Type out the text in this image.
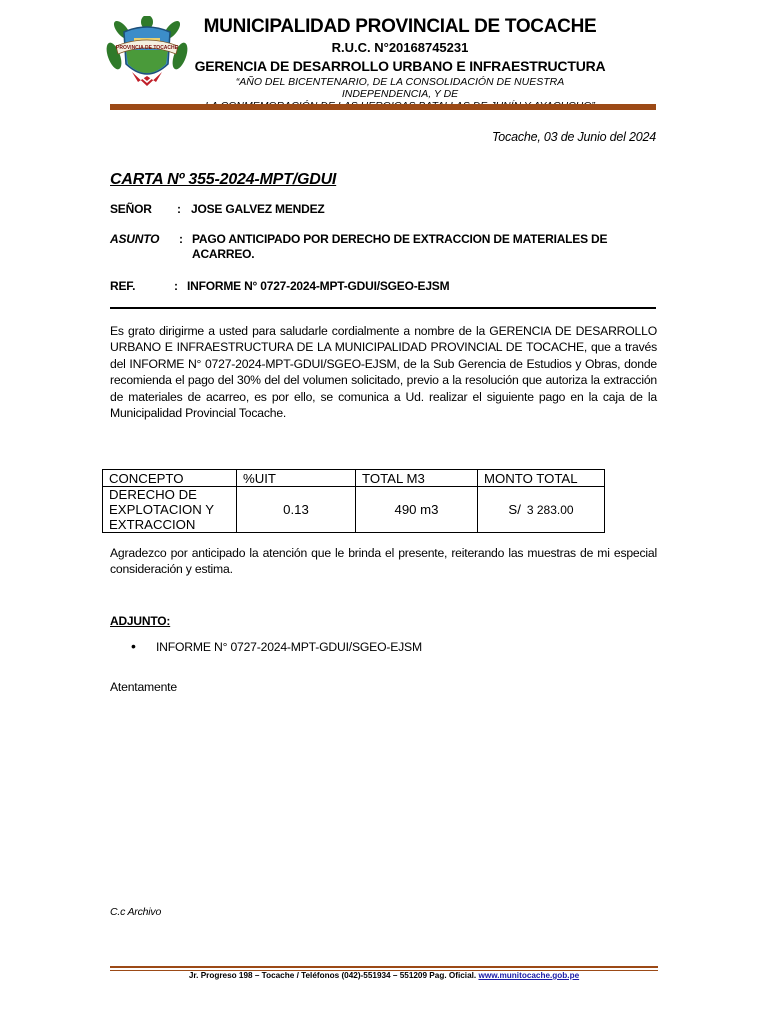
PROVINCIA DE TOCACHE
MUNICIPALIDAD PROVINCIAL DE TOCACHE
R.U.C. N°20168745231
GERENCIA DE DESARROLLO URBANO E INFRAESTRUCTURA
“AÑO DEL BICENTENARIO, DE LA CONSOLIDACIÓN DE NUESTRA INDEPENDENCIA, Y DE
Tocache, 03 de Junio del 2024
CARTA Nº 355-2024-MPT/GDUI
SEÑOR : JOSE GALVEZ MENDEZ
ASUNTO : PAGO ANTICIPADO POR DERECHO DE EXTRACCION DE MATERIALES DE ACARREO.
REF.	: INFORME N° 0727-2024-MPT-GDUI/SGEO-EJSM
Es grato dirigirme a usted para saludarle cordialmente a nombre de la GERENCIA DE DESARROLLO URBANO E INFRAESTRUCTURA DE LA MUNICIPALIDAD PROVINCIAL DE TOCACHE, que a través del INFORME N° 0727-2024-MPT-GDUI/SGEO-EJSM, de la Sub Gerencia de Estudios y Obras, donde recomienda el pago del 30% del del volumen solicitado, previo a la resolución que autoriza la extracción de materiales de acarreo, es por ello, se comunica a Ud. realizar el siguiente pago en la caja de la Municipalidad Provincial Tocache.
CONCEPTO	%UIT	TOTAL M3	MONTO TOTAL
DERECHO DE EXPLOTACION Y EXTRACCION	0.13	490 m3	S/ 3 283.00
Agradezco por anticipado la atención que le brinda el presente, reiterando las muestras de mi especial consideración y estima.
ADJUNTO:
• INFORME N° 0727-2024-MPT-GDUI/SGEO-EJSM
Atentamente
C.c Archivo
Jr. Progreso 198 – Tocache / Teléfonos (042)-551934 – 551209 Pag. Oficial. www.munitocache.gob.pe
